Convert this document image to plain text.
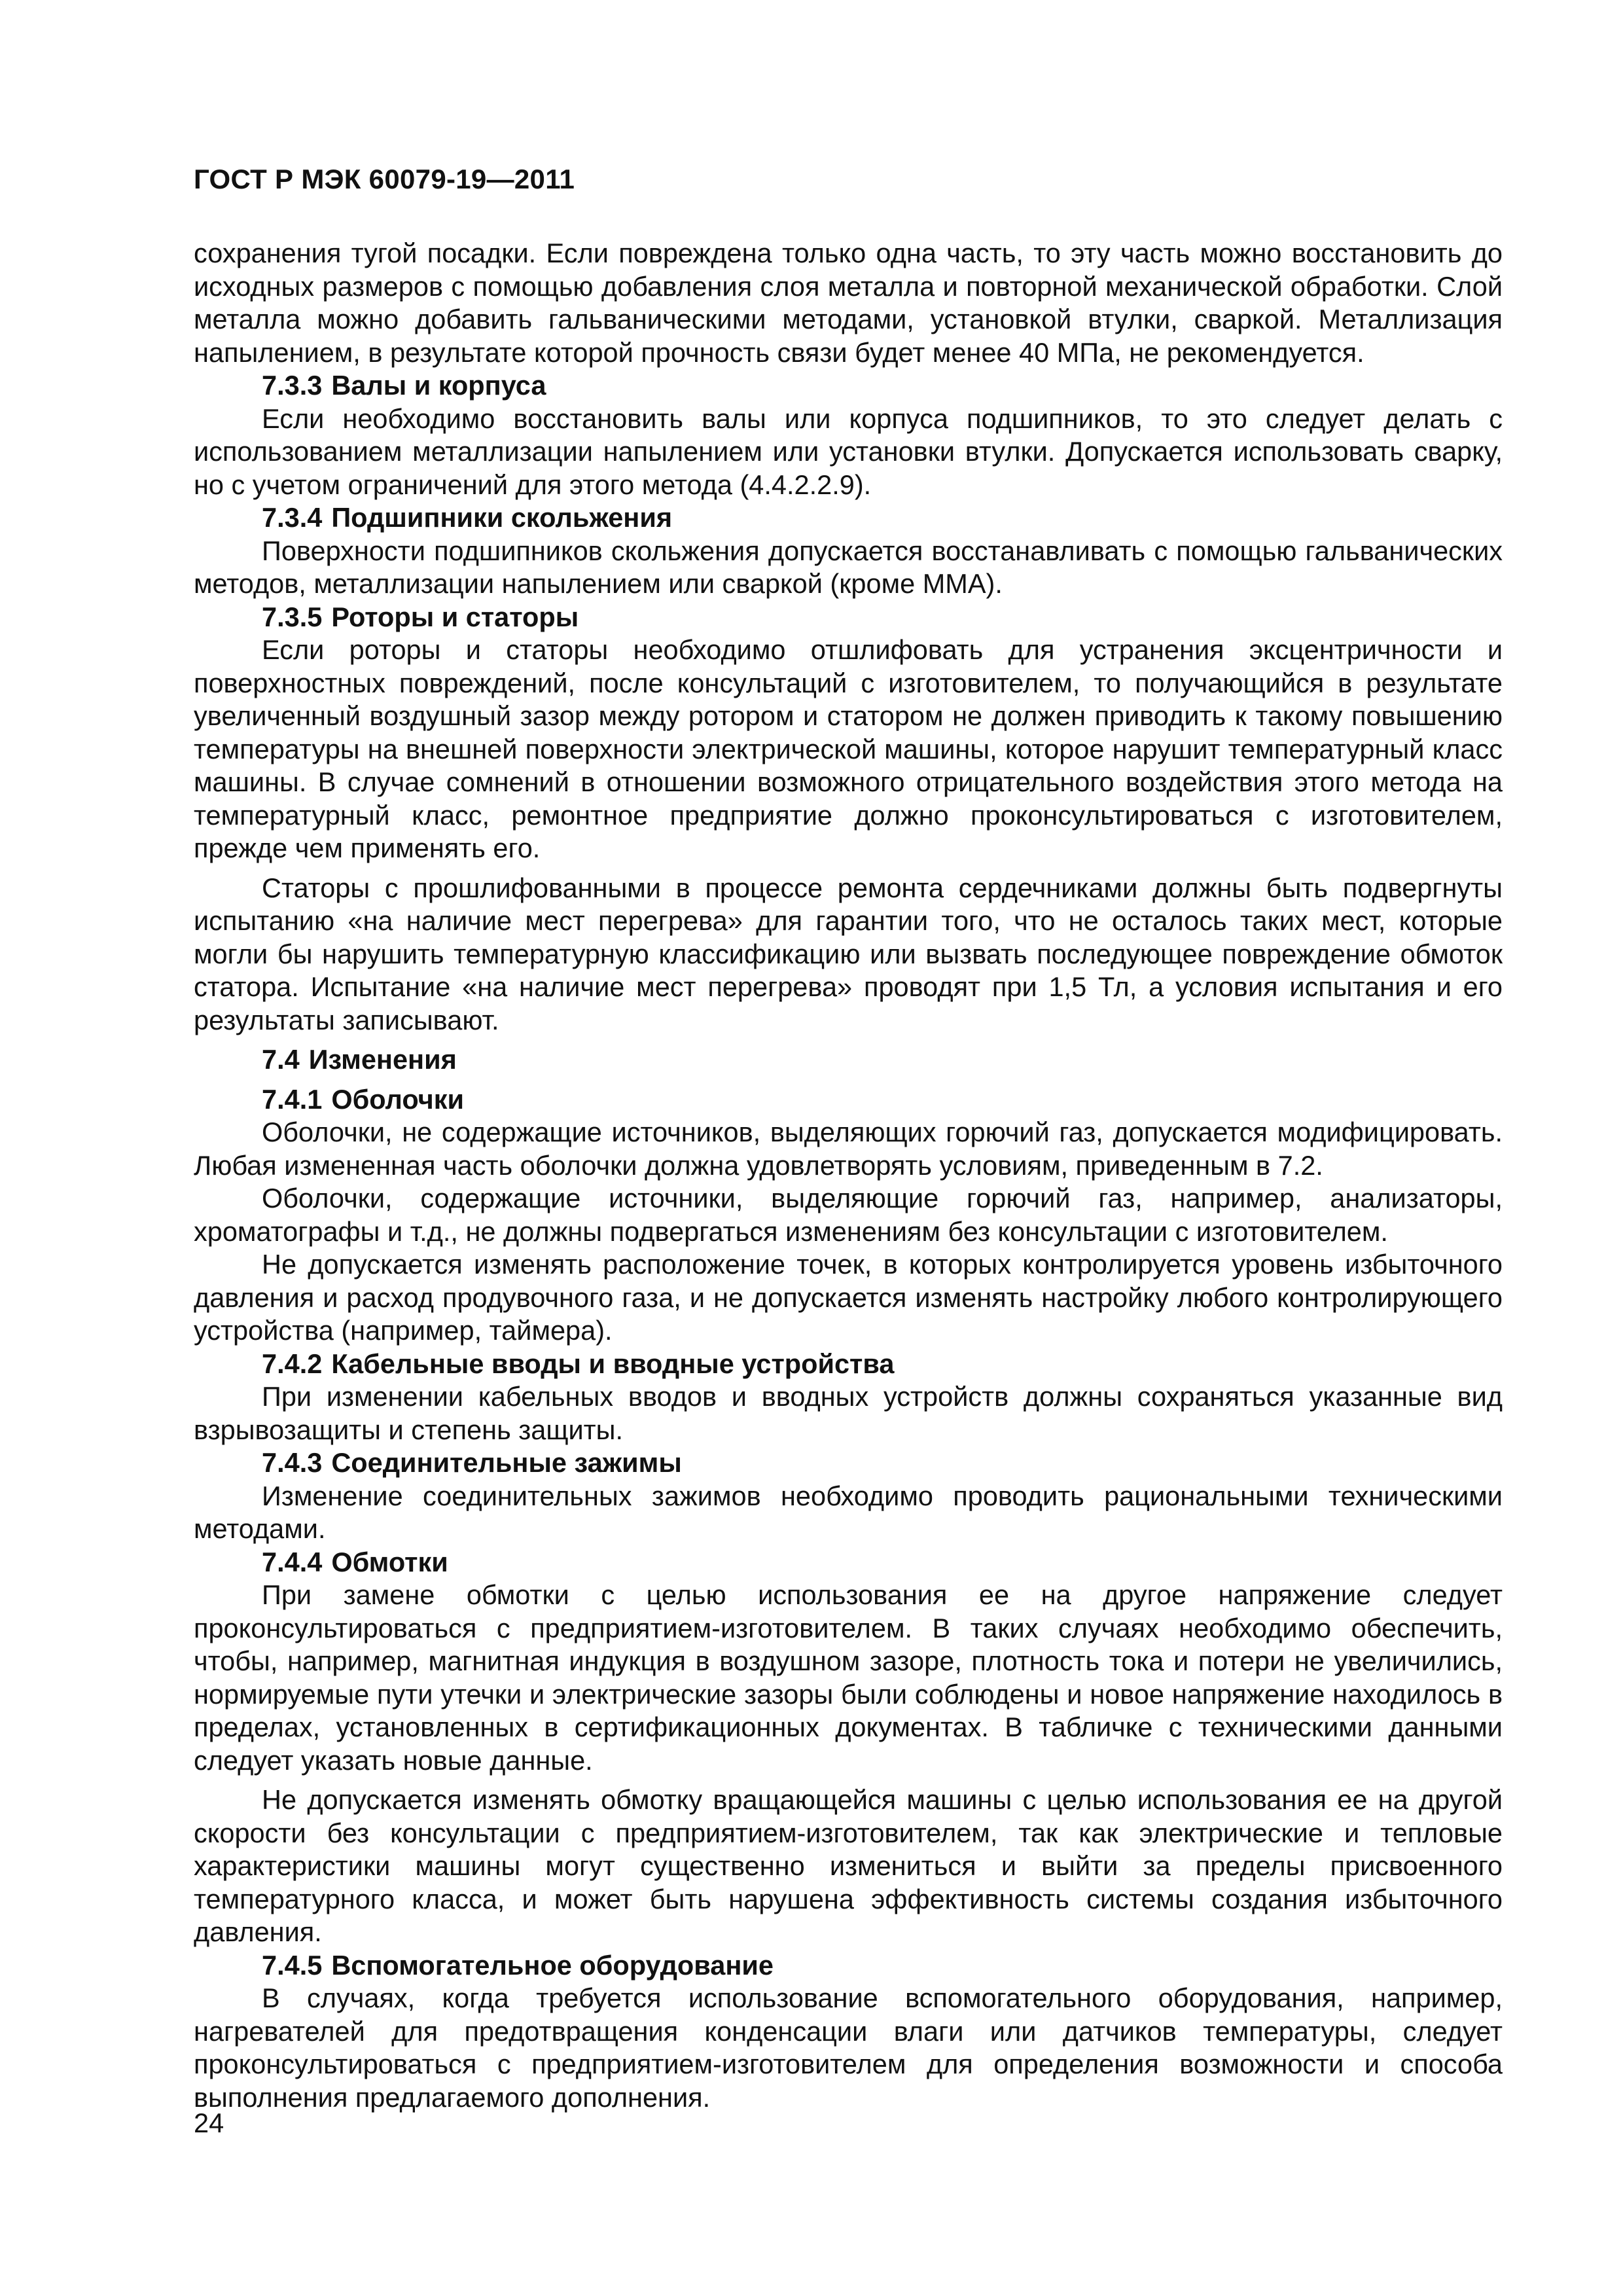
ГОСТ Р МЭК 60079-19—2011

сохранения тугой посадки. Если повреждена только одна часть, то эту часть можно восстановить до исходных размеров с помощью добавления слоя металла и повторной механической обработки. Слой металла можно добавить гальваническими методами, установкой втулки, сваркой. Металлизация напылением, в результате которой прочность связи будет менее 40 МПа, не рекомендуется.

7.3.3 Валы и корпуса

Если необходимо восстановить валы или корпуса подшипников, то это следует делать с использованием металлизации напылением или установки втулки. Допускается использовать сварку, но с учетом ограничений для этого метода (4.4.2.2.9).

7.3.4 Подшипники скольжения

Поверхности подшипников скольжения допускается восстанавливать с помощью гальванических методов, металлизации напылением или сваркой (кроме ММА).

7.3.5 Роторы и статоры

Если роторы и статоры необходимо отшлифовать для устранения эксцентричности и поверхностных повреждений, после консультаций с изготовителем, то получающийся в результате увеличенный воздушный зазор между ротором и статором не должен приводить к такому повышению температуры на внешней поверхности электрической машины, которое нарушит температурный класс машины. В случае сомнений в отношении возможного отрицательного воздействия этого метода на температурный класс, ремонтное предприятие должно проконсультироваться с изготовителем, прежде чем применять его.

Статоры с прошлифованными в процессе ремонта сердечниками должны быть подвергнуты испытанию «на наличие мест перегрева» для гарантии того, что не осталось таких мест, которые могли бы нарушить температурную классификацию или вызвать последующее повреждение обмоток статора. Испытание «на наличие мест перегрева» проводят при 1,5 Тл, а условия испытания и его результаты записывают.

7.4 Изменения
7.4.1 Оболочки

Оболочки, не содержащие источников, выделяющих горючий газ, допускается модифицировать. Любая измененная часть оболочки должна удовлетворять условиям, приведенным в 7.2.

Оболочки, содержащие источники, выделяющие горючий газ, например, анализаторы, хроматографы и т.д., не должны подвергаться изменениям без консультации с изготовителем.

Не допускается изменять расположение точек, в которых контролируется уровень избыточного давления и расход продувочного газа, и не допускается изменять настройку любого контролирующего устройства (например, таймера).

7.4.2 Кабельные вводы и вводные устройства

При изменении кабельных вводов и вводных устройств должны сохраняться указанные вид взрывозащиты и степень защиты.

7.4.3 Соединительные зажимы

Изменение соединительных зажимов необходимо проводить рациональными техническими методами.

7.4.4 Обмотки

При замене обмотки с целью использования ее на другое напряжение следует проконсультироваться с предприятием-изготовителем. В таких случаях необходимо обеспечить, чтобы, например, магнитная индукция в воздушном зазоре, плотность тока и потери не увеличились, нормируемые пути утечки и электрические зазоры были соблюдены и новое напряжение находилось в пределах, установленных в сертификационных документах. В табличке с техническими данными следует указать новые данные.

Не допускается изменять обмотку вращающейся машины с целью использования ее на другой скорости без консультации с предприятием-изготовителем, так как электрические и тепловые характеристики машины могут существенно измениться и выйти за пределы присвоенного температурного класса, и может быть нарушена эффективность системы создания избыточного давления.

7.4.5 Вспомогательное оборудование

В случаях, когда требуется использование вспомогательного оборудования, например, нагревателей для предотвращения конденсации влаги или датчиков температуры, следует проконсультироваться с предприятием-изготовителем для определения возможности и способа выполнения предлагаемого дополнения.

24
